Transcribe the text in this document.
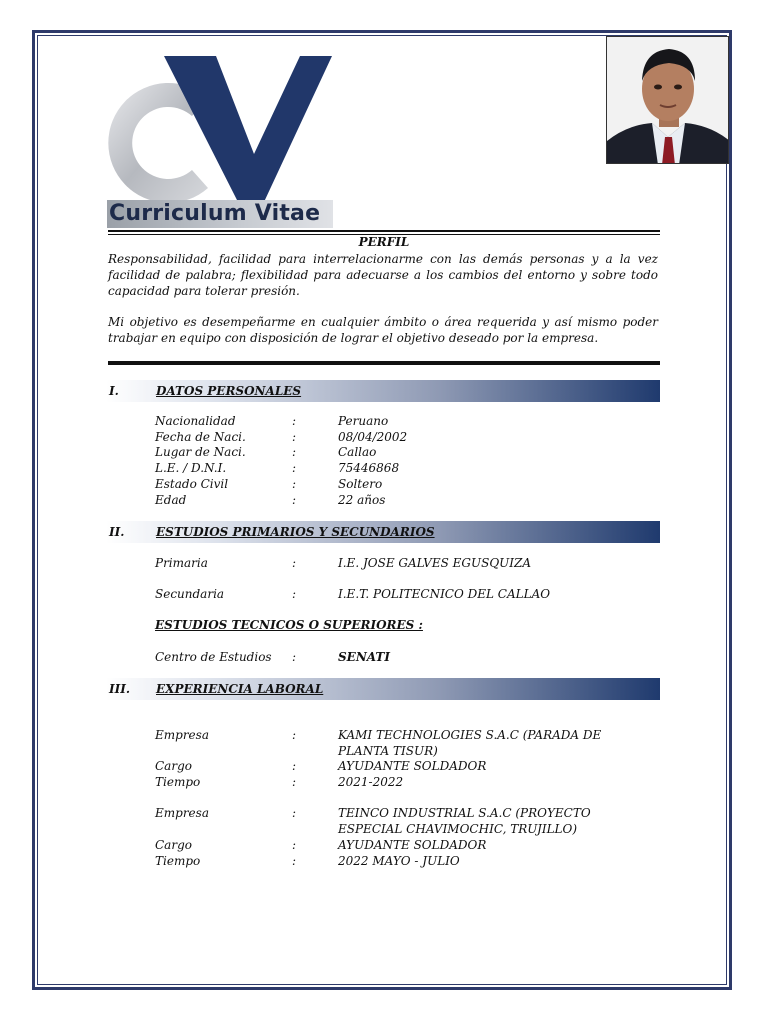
Curriculum Vitae
PERFIL
Responsabilidad, facilidad para interrelacionarme con las demás personas y a la vez facilidad de palabra; flexibilidad para adecuarse a los cambios del entorno y sobre todo capacidad para tolerar presión.
Mi objetivo es desempeñarme en cualquier ámbito o área requerida y así mismo poder trabajar en equipo con disposición de lograr el objetivo deseado por la empresa.
I.	DATOS PERSONALES
Nacionalidad	:	Peruano
Fecha de Naci.	:	08/04/2002
Lugar de Naci.	:	Callao
L.E. / D.N.I.	:	75446868
Estado Civil	:	Soltero
Edad	:	22 años
II.	ESTUDIOS PRIMARIOS Y SECUNDARIOS
Primaria	:	I.E. JOSE GALVES EGUSQUIZA
Secundaria	:	I.E.T. POLITECNICO DEL CALLAO
ESTUDIOS TECNICOS O SUPERIORES :
Centro de Estudios	:	SENATI
III. EXPERIENCIA LABORAL
Empresa	:	KAMI TECHNOLOGIES S.A.C (PARADA DE PLANTA TISUR)
Cargo	:	AYUDANTE SOLDADOR
Tiempo	:	2021-2022
Empresa	:	TEINCO INDUSTRIAL S.A.C (PROYECTO ESPECIAL CHAVIMOCHIC, TRUJILLO)
Cargo	:	AYUDANTE SOLDADOR
Tiempo	:	2022 MAYO - JULIO
